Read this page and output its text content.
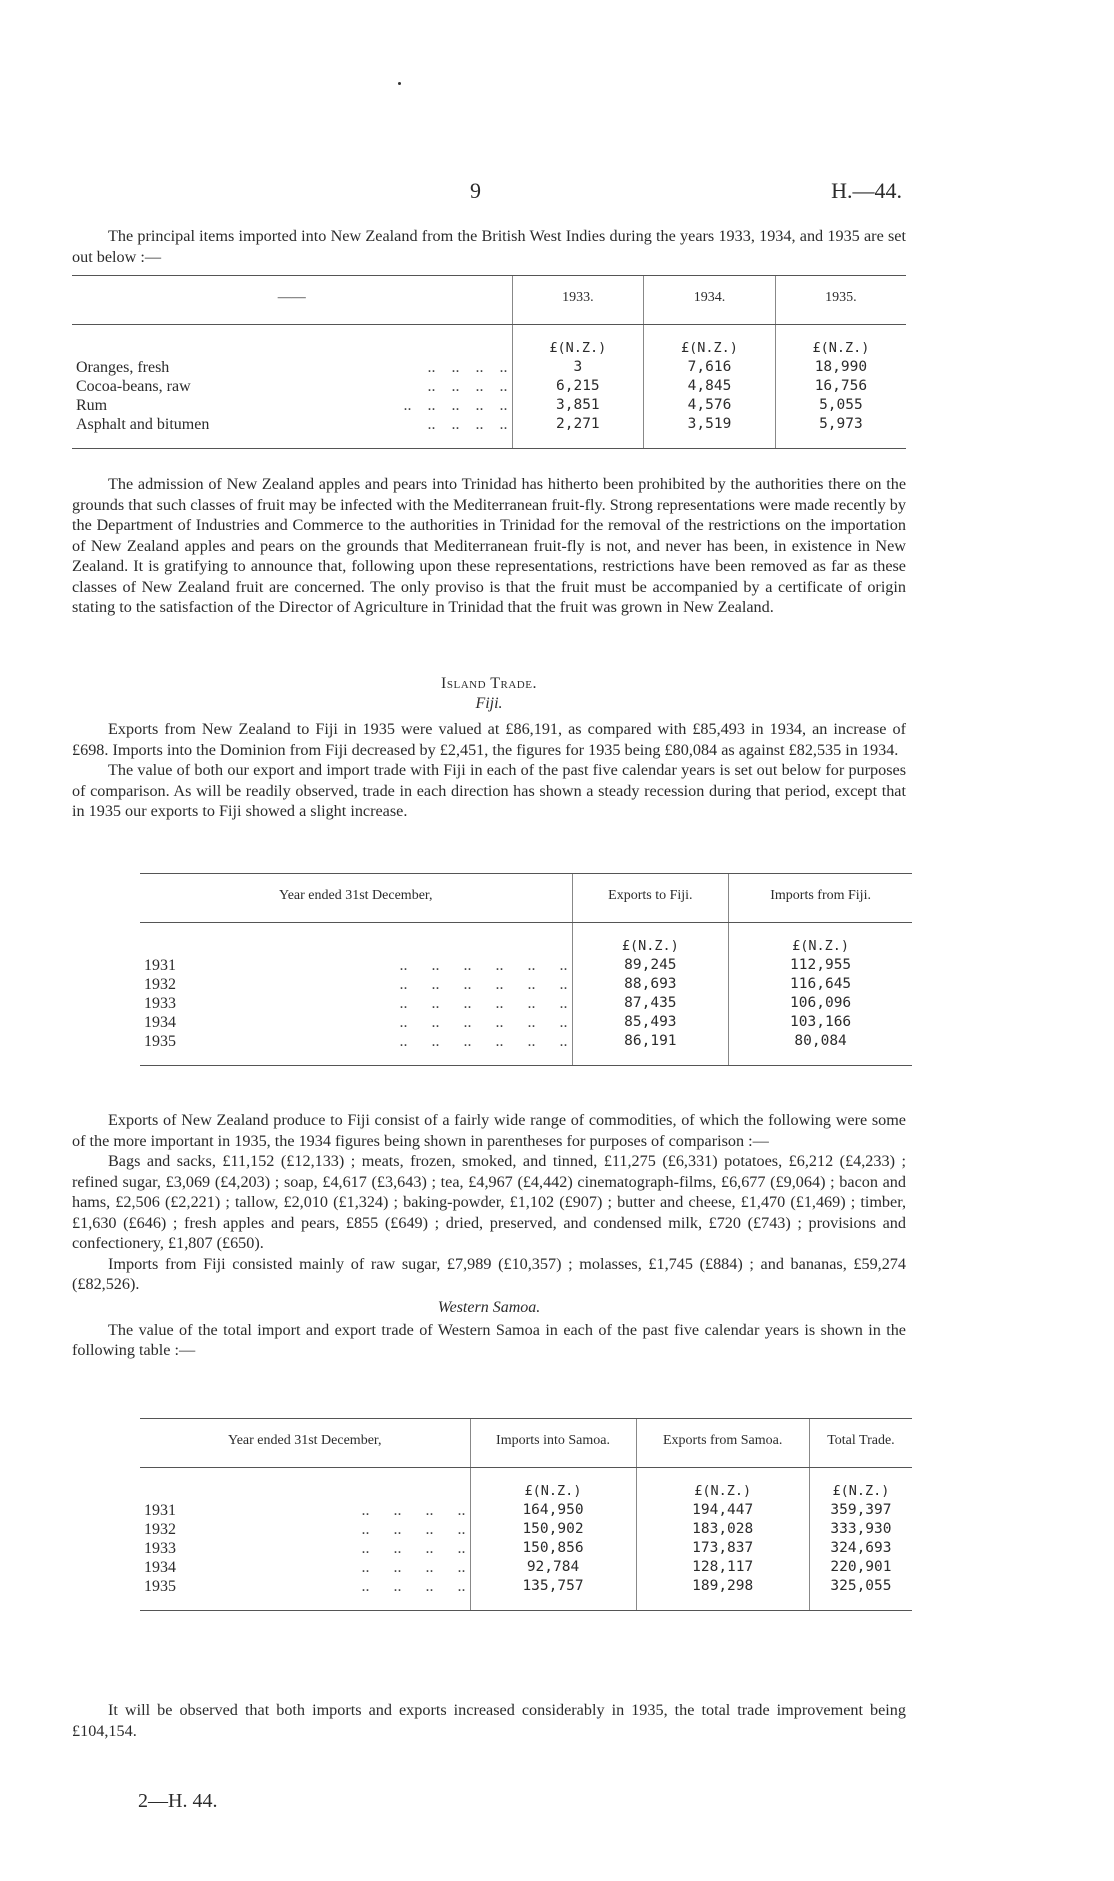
9	H.—44.

The principal items imported into New Zealand from the British West Indies during the years 1933, 1934, and 1935 are set out below :—

——	1933.	1934.	1935.
	£(N.Z.)	£(N.Z.)	£(N.Z.)
Oranges, fresh ..    ..    ..    ..	3	7,616	18,990
Cocoa-beans, raw ..    ..    ..    ..	6,215	4,845	16,756
Rum ..    ..    ..    ..    ..	3,851	4,576	5,055
Asphalt and bitumen ..    ..    ..    ..	2,271	3,519	5,973

The admission of New Zealand apples and pears into Trinidad has hitherto been prohibited by the authorities there on the grounds that such classes of fruit may be infected with the Mediterranean fruit-fly. Strong representations were made recently by the Department of Industries and Commerce to the authorities in Trinidad for the removal of the restrictions on the importation of New Zealand apples and pears on the grounds that Mediterranean fruit-fly is not, and never has been, in existence in New Zealand. It is gratifying to announce that, following upon these representations, restrictions have been removed as far as these classes of New Zealand fruit are concerned. The only proviso is that the fruit must be accompanied by a certificate of origin stating to the satisfaction of the Director of Agriculture in Trinidad that the fruit was grown in New Zealand.

Island Trade.
Fiji.

Exports from New Zealand to Fiji in 1935 were valued at £86,191, as compared with £85,493 in 1934, an increase of £698. Imports into the Dominion from Fiji decreased by £2,451, the figures for 1935 being £80,084 as against £82,535 in 1934.

The value of both our export and import trade with Fiji in each of the past five calendar years is set out below for purposes of comparison. As will be readily observed, trade in each direction has shown a steady recession during that period, except that in 1935 our exports to Fiji showed a slight increase.

Year ended 31st December,	Exports to Fiji.	Imports from Fiji.
	£(N.Z.)	£(N.Z.)
1931 ..      ..      ..      ..      ..      ..	89,245	112,955
1932 ..      ..      ..      ..      ..      ..	88,693	116,645
1933 ..      ..      ..      ..      ..      ..	87,435	106,096
1934 ..      ..      ..      ..      ..      ..	85,493	103,166
1935 ..      ..      ..      ..      ..      ..	86,191	80,084

Exports of New Zealand produce to Fiji consist of a fairly wide range of commodities, of which the following were some of the more important in 1935, the 1934 figures being shown in parentheses for purposes of comparison :—

Bags and sacks, £11,152 (£12,133) ; meats, frozen, smoked, and tinned, £11,275 (£6,331) potatoes, £6,212 (£4,233) ; refined sugar, £3,069 (£4,203) ; soap, £4,617 (£3,643) ; tea, £4,967 (£4,442) cinematograph-films, £6,677 (£9,064) ; bacon and hams, £2,506 (£2,221) ; tallow, £2,010 (£1,324) ; baking-powder, £1,102 (£907) ; butter and cheese, £1,470 (£1,469) ; timber, £1,630 (£646) ; fresh apples and pears, £855 (£649) ; dried, preserved, and condensed milk, £720 (£743) ; provisions and confectionery, £1,807 (£650).

Imports from Fiji consisted mainly of raw sugar, £7,989 (£10,357) ; molasses, £1,745 (£884) ; and bananas, £59,274 (£82,526).

Western Samoa.

The value of the total import and export trade of Western Samoa in each of the past five calendar years is shown in the following table :—

Year ended 31st December,	Imports into Samoa.	Exports from Samoa.	Total Trade.
	£(N.Z.)	£(N.Z.)	£(N.Z.)
1931 ..      ..      ..      ..	164,950	194,447	359,397
1932 ..      ..      ..      ..	150,902	183,028	333,930
1933 ..      ..      ..      ..	150,856	173,837	324,693
1934 ..      ..      ..      ..	92,784	128,117	220,901
1935 ..      ..      ..      ..	135,757	189,298	325,055

It will be observed that both imports and exports increased considerably in 1935, the total trade improvement being £104,154.

2—H. 44.
